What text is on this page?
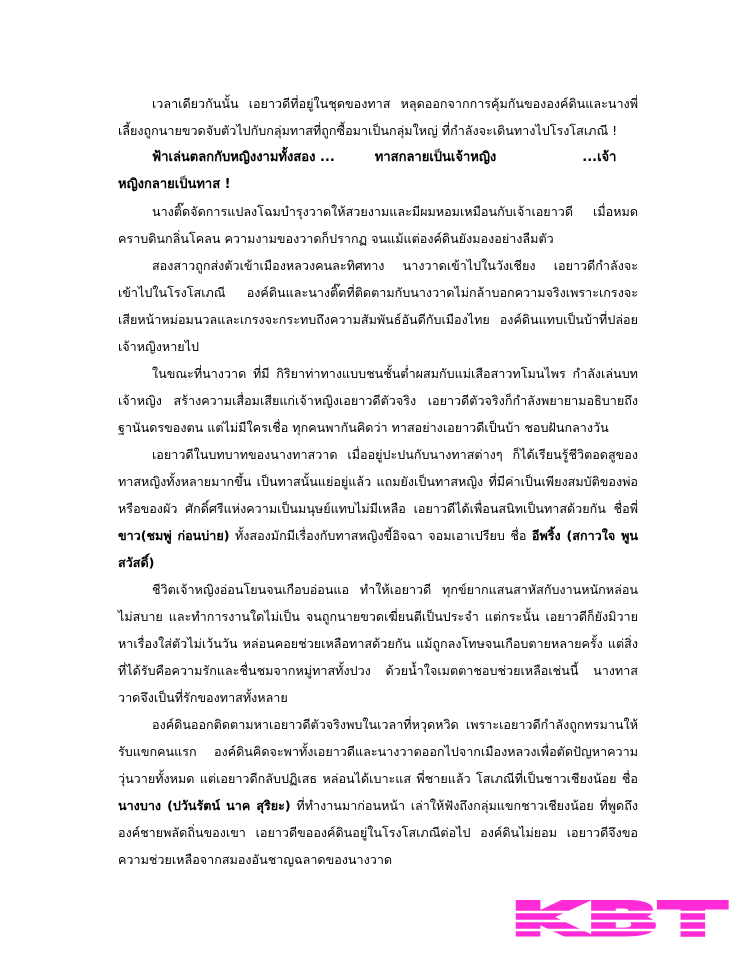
เวลาเดียวกันนั้น เอยาวดีที่อยู่ในชุดของทาส หลุดออกจากการคุ้มกันขององค์ดินและนางพี่เลี้ยงถูกนายขวดจับตัวไปกับกลุ่มทาสที่ถูกซื้อมาเป็นกลุ่มใหญ่ ที่กำลังจะเดินทางไปโรงโสเภณี !

ฟ้าเล่นตลกกับหญิงงามทั้งสอง ...	ทาสกลายเป็นเจ้าหญิง	...เจ้าหญิงกลายเป็นทาส !

นางติ๊ดจัดการแปลงโฉมบำรุงวาดให้สวยงามและมีผมหอมเหมือนกับเจ้าเอยาวดี เมื่อหมดคราบดินกลิ่นโคลน ความงามของวาดก็ปรากฏ จนแม้แต่องค์ดินยังมองอย่างลืมตัว

สองสาวถูกส่งตัวเข้าเมืองหลวงคนละทิศทาง นางวาดเข้าไปในวังเชียง เอยาวดีกำลังจะเข้าไปในโรงโสเภณี องค์ดินและนางติ๊ดที่ติดตามกับนางวาดไม่กล้าบอกความจริงเพราะเกรงจะเสียหน้าหม่อมนวลและเกรงจะกระทบถึงความสัมพันธ์อันดีกับเมืองไทย องค์ดินแทบเป็นบ้าที่ปล่อยเจ้าหญิงหายไป

ในขณะที่นางวาด ที่มี กิริยาท่าทางแบบชนชั้นต่ำผสมกับแม่เสือสาวทโมนไพร กำลังเล่นบทเจ้าหญิง สร้างความเสื่อมเสียแก่เจ้าหญิงเอยาวดีตัวจริง เอยาวดีตัวจริงก็กำลังพยายามอธิบายถึงฐานันดรของตน แต่ไม่มีใครเชื่อ ทุกคนพากันคิดว่า ทาสอย่างเอยาวดีเป็นบ้า ชอบฝันกลางวัน

เอยาวดีในบทบาทของนางทาสวาด เมื่ออยู่ปะปนกับนางทาสต่างๆ ก็ได้เรียนรู้ชีวิตอดสูของทาสหญิงทั้งหลายมากขึ้น เป็นทาสนั้นแย่อยู่แล้ว แถมยังเป็นทาสหญิง ที่มีค่าเป็นเพียงสมบัติของพ่อหรือของผัว ศักดิ์ศรีแห่งความเป็นมนุษย์แทบไม่มีเหลือ เอยาวดีได้เพื่อนสนิทเป็นทาสด้วยกัน ชื่อพี่ ขาว(ชมพู่ ก่อนบ่าย) ทั้งสองมักมีเรื่องกับทาสหญิงขี้อิจฉา จอมเอาเปรียบ ชื่อ อีพริ้ง (สกาวใจ พูนสวัสดิ์)

ชีวิตเจ้าหญิงอ่อนโยนจนเกือบอ่อนแอ ทำให้เอยาวดี ทุกข์ยากแสนสาหัสกับงานหนักหล่อนไม่สบาย และทำการงานใดไม่เป็น จนถูกนายขวดเฆี่ยนตีเป็นประจำ แต่กระนั้น เอยาวดีก็ยังมิวายหาเรื่องใส่ตัวไม่เว้นวัน หล่อนคอยช่วยเหลือทาสด้วยกัน แม้ถูกลงโทษจนเกือบตายหลายครั้ง แต่สิ่งที่ได้รับคือความรักและชื่นชมจากหมู่ทาสทั้งปวง ด้วยน้ำใจเมตตาชอบช่วยเหลือเช่นนี้ นางทาสวาดจึงเป็นที่รักของทาสทั้งหลาย

องค์ดินออกติดตามหาเอยาวดีตัวจริงพบในเวลาที่หวุดหวิด เพราะเอยาวดีกำลังถูกทรมานให้รับแขกคนแรก องค์ดินคิดจะพาทั้งเอยาวดีและนางวาดออกไปจากเมืองหลวงเพื่อตัดปัญหาความวุ่นวายทั้งหมด แต่เอยาวดีกลับปฏิเสธ หล่อนได้เบาะแส พี่ชายแล้ว โสเภณีที่เป็นชาวเชียงน้อย ชื่อ นางบาง (ปวันรัตน์ นาค สุริยะ) ที่ทำงานมาก่อนหน้า เล่าให้ฟังถึงกลุ่มแขกชาวเชียงน้อย ที่พูดถึงองค์ชายพลัดถิ่นของเขา เอยาวดีขอองค์ดินอยู่ในโรงโสเภณีต่อไป องค์ดินไม่ยอม เอยาวดีจึงขอความช่วยเหลือจากสมองอันชาญฉลาดของนางวาด

KBT
